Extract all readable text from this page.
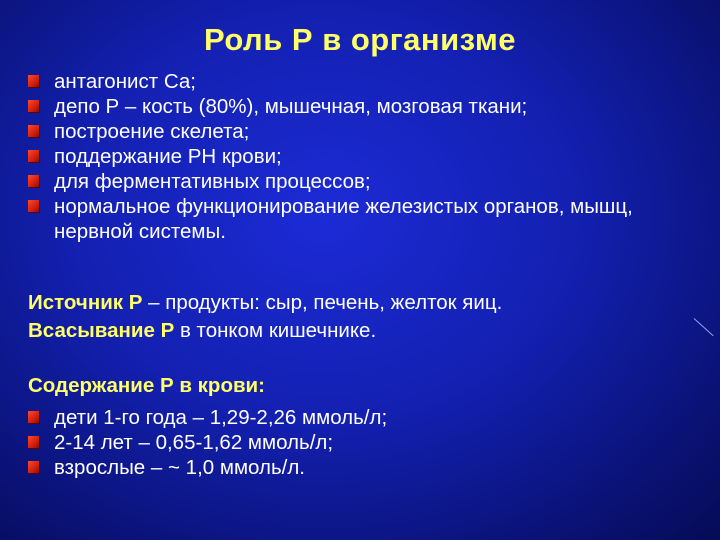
Роль Р в организме
антагонист Са;
депо Р – кость (80%), мышечная, мозговая ткани;
построение скелета;
поддержание РН крови;
для ферментативных процессов;
нормальное функционирование железистых органов, мышц, нервной системы.
Источник Р – продукты: сыр, печень, желток яиц.
Всасывание Р в тонком кишечнике.
Содержание Р в крови:
дети 1-го года – 1,29-2,26 ммоль/л;
2-14 лет – 0,65-1,62 ммоль/л;
взрослые – ~ 1,0 ммоль/л.
